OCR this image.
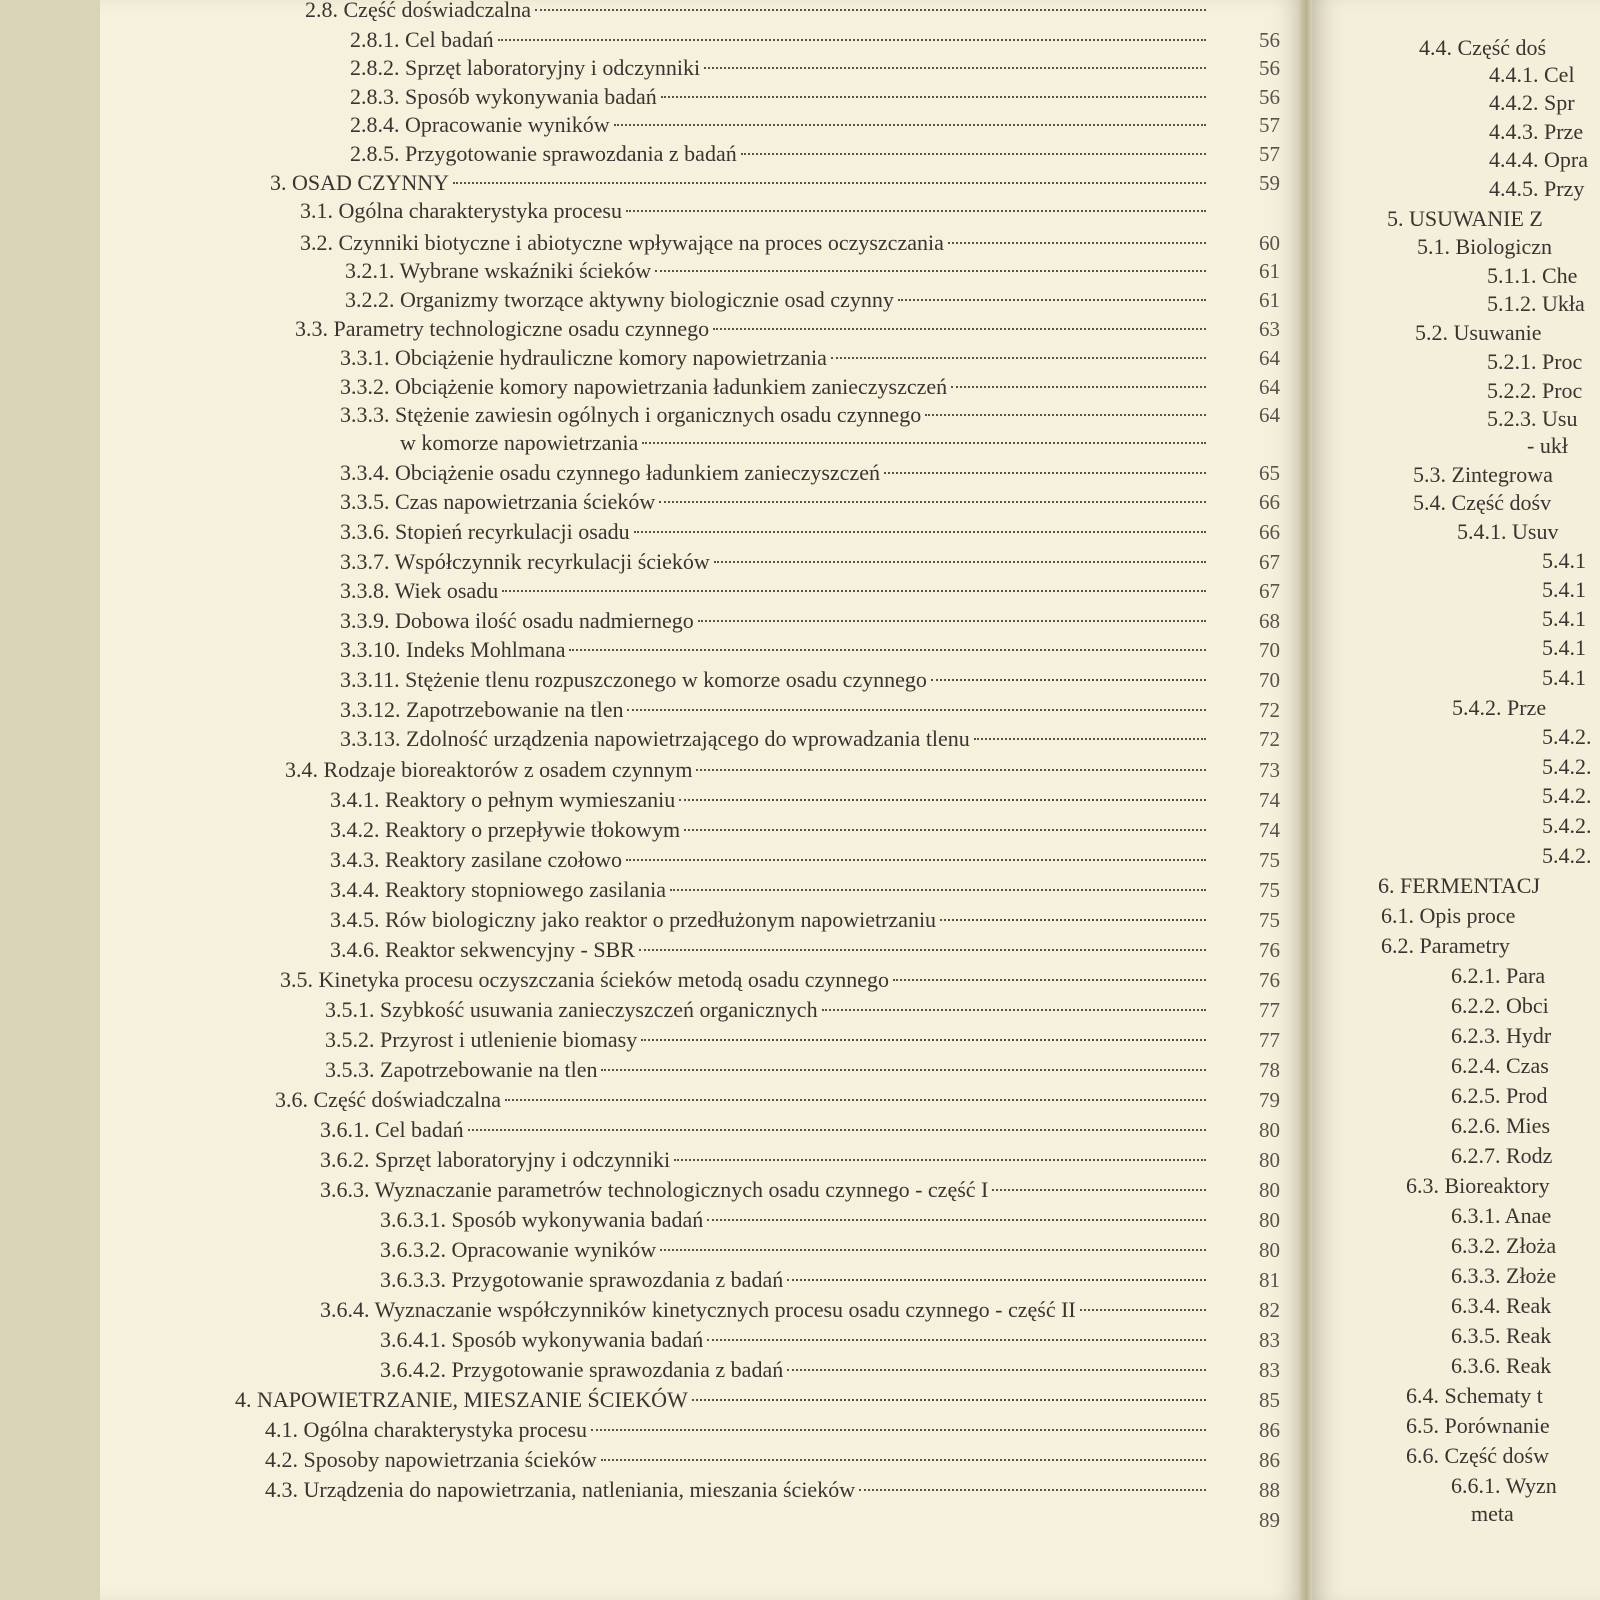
2.8. Część doświadczalna
2.8.1. Cel badań	56
2.8.2. Sprzęt laboratoryjny i odczynniki	56
2.8.3. Sposób wykonywania badań	56
2.8.4. Opracowanie wyników	57
2.8.5. Przygotowanie sprawozdania z badań	57
3. OSAD CZYNNY	59
3.1. Ogólna charakterystyka procesu
3.2. Czynniki biotyczne i abiotyczne wpływające na proces oczyszczania	60
3.2.1. Wybrane wskaźniki ścieków	61
3.2.2. Organizmy tworzące aktywny biologicznie osad czynny	61
3.3. Parametry technologiczne osadu czynnego	63
3.3.1. Obciążenie hydrauliczne komory napowietrzania	64
3.3.2. Obciążenie komory napowietrzania ładunkiem zanieczyszczeń	64
3.3.3. Stężenie zawiesin ogólnych i organicznych osadu czynnego	64
w komorze napowietrzania
3.3.4. Obciążenie osadu czynnego ładunkiem zanieczyszczeń	65
3.3.5. Czas napowietrzania ścieków	66
3.3.6. Stopień recyrkulacji osadu	66
3.3.7. Współczynnik recyrkulacji ścieków	67
3.3.8. Wiek osadu	67
3.3.9. Dobowa ilość osadu nadmiernego	68
3.3.10. Indeks Mohlmana	70
3.3.11. Stężenie tlenu rozpuszczonego w komorze osadu czynnego	70
3.3.12. Zapotrzebowanie na tlen	72
3.3.13. Zdolność urządzenia napowietrzającego do wprowadzania tlenu	72
3.4. Rodzaje bioreaktorów z osadem czynnym	73
3.4.1. Reaktory o pełnym wymieszaniu	74
3.4.2. Reaktory o przepływie tłokowym	74
3.4.3. Reaktory zasilane czołowo	75
3.4.4. Reaktory stopniowego zasilania	75
3.4.5. Rów biologiczny jako reaktor o przedłużonym napowietrzaniu	75
3.4.6. Reaktor sekwencyjny - SBR	76
3.5. Kinetyka procesu oczyszczania ścieków metodą osadu czynnego	76
3.5.1. Szybkość usuwania zanieczyszczeń organicznych	77
3.5.2. Przyrost i utlenienie biomasy	77
3.5.3. Zapotrzebowanie na tlen	78
3.6. Część doświadczalna	79
3.6.1. Cel badań	80
3.6.2. Sprzęt laboratoryjny i odczynniki	80
3.6.3. Wyznaczanie parametrów technologicznych osadu czynnego - część I	80
3.6.3.1. Sposób wykonywania badań	80
3.6.3.2. Opracowanie wyników	80
3.6.3.3. Przygotowanie sprawozdania z badań	81
3.6.4. Wyznaczanie współczynników kinetycznych procesu osadu czynnego - część II	82
3.6.4.1. Sposób wykonywania badań	83
3.6.4.2. Przygotowanie sprawozdania z badań	83
4. NAPOWIETRZANIE, MIESZANIE ŚCIEKÓW	85
4.1. Ogólna charakterystyka procesu	86
4.2. Sposoby napowietrzania ścieków	86
4.3. Urządzenia do napowietrzania, natleniania, mieszania ścieków	88
89
4.4. Część doś
4.4.1. Cel
4.4.2. Spr
4.4.3. Prze
4.4.4. Opra
4.4.5. Przy
5. USUWANIE Z
5.1. Biologiczn
5.1.1. Che
5.1.2. Ukła
5.2. Usuwanie
5.2.1. Proc
5.2.2. Proc
5.2.3. Usu
- ukł
5.3. Zintegrowa
5.4. Część dośv
5.4.1. Usuv
5.4.1
5.4.1
5.4.1
5.4.1
5.4.1
5.4.2. Prze
5.4.2.
5.4.2.
5.4.2.
5.4.2.
5.4.2.
6. FERMENTACJ
6.1. Opis proce
6.2. Parametry
6.2.1. Para
6.2.2. Obci
6.2.3. Hydr
6.2.4. Czas
6.2.5. Prod
6.2.6. Mies
6.2.7. Rodz
6.3. Bioreaktory
6.3.1. Anae
6.3.2. Złoża
6.3.3. Złoże
6.3.4. Reak
6.3.5. Reak
6.3.6. Reak
6.4. Schematy t
6.5. Porównanie
6.6. Część dośw
6.6.1. Wyzn
meta
